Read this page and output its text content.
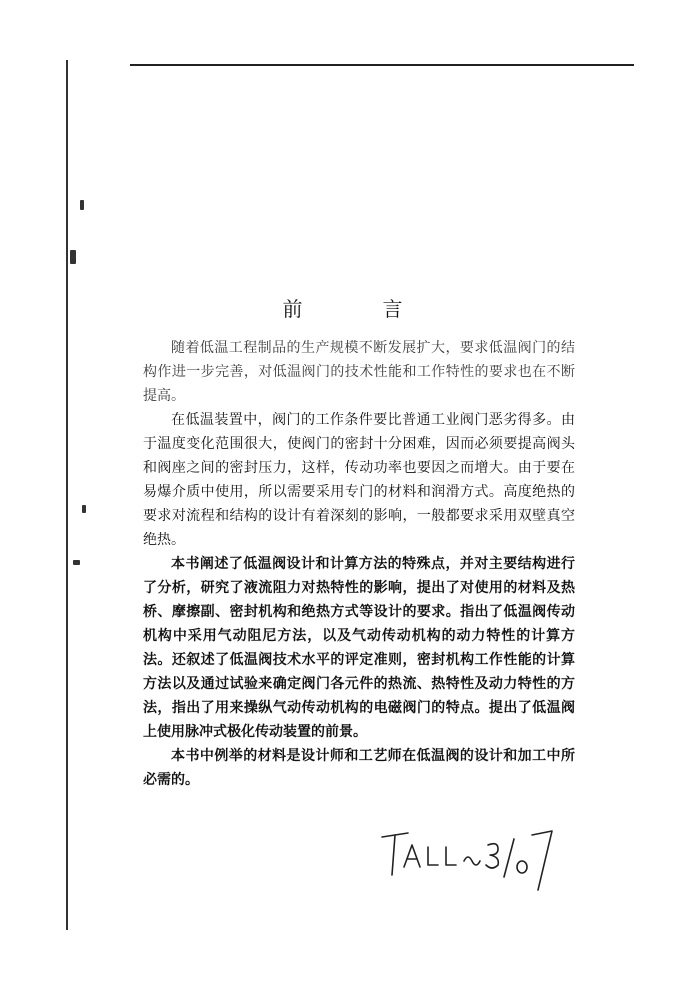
前　言

随着低温工程制品的生产规模不断发展扩大，要求低温阀门的结构作进一步完善，对低温阀门的技术性能和工作特性的要求也在不断提高。

在低温装置中，阀门的工作条件要比普通工业阀门恶劣得多。由于温度变化范围很大，使阀门的密封十分困难，因而必须要提高阀头和阀座之间的密封压力，这样，传动功率也要因之而增大。由于要在易爆介质中使用，所以需要采用专门的材料和润滑方式。高度绝热的要求对流程和结构的设计有着深刻的影响，一般都要求采用双壁真空绝热。

本书阐述了低温阀设计和计算方法的特殊点，并对主要结构进行了分析，研究了液流阻力对热特性的影响，提出了对使用的材料及热桥、摩擦副、密封机构和绝热方式等设计的要求。指出了低温阀传动机构中采用气动阻尼方法，以及气动传动机构的动力特性的计算方法。还叙述了低温阀技术水平的评定准则，密封机构工作性能的计算方法以及通过试验来确定阀门各元件的热流、热特性及动力特性的方法，指出了用来操纵气动传动机构的电磁阀门的特点。提出了低温阀上使用脉冲式极化传动装置的前景。

本书中例举的材料是设计师和工艺师在低温阀的设计和加工中所必需的。
